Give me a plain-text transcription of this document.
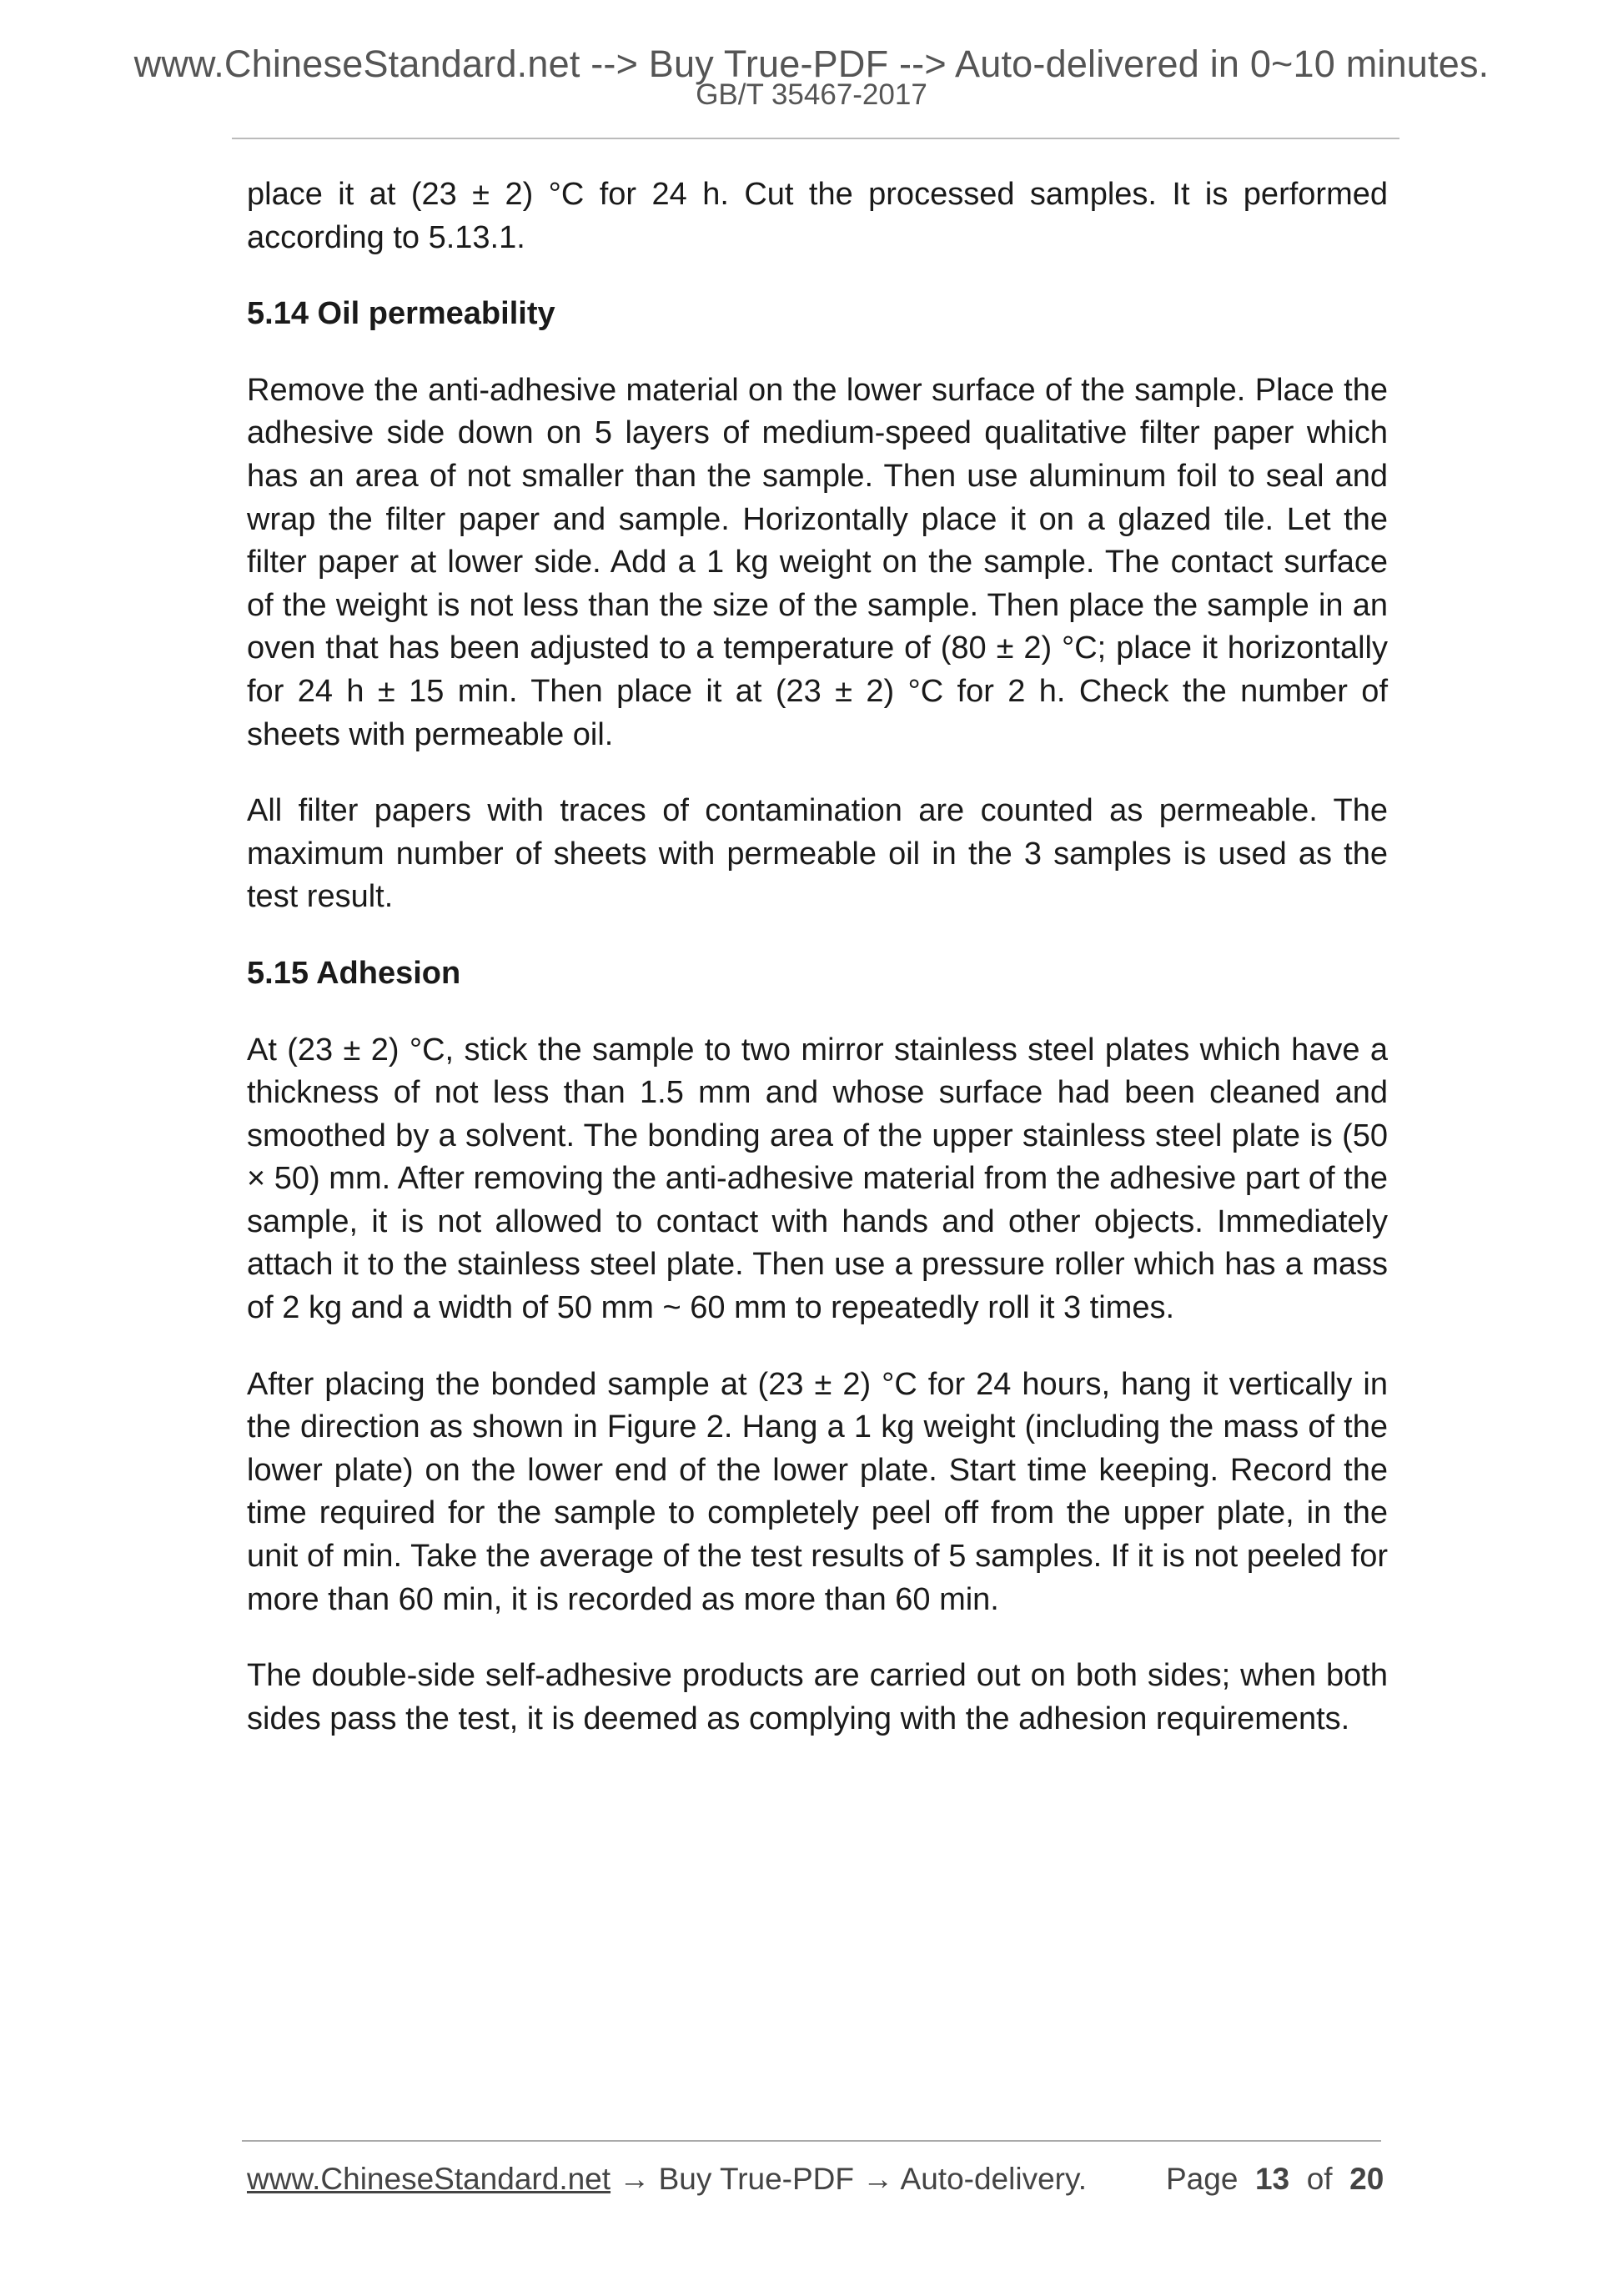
www.ChineseStandard.net --> Buy True-PDF --> Auto-delivered in 0~10 minutes.
GB/T 35467-2017

place it at (23 ± 2) °C for 24 h. Cut the processed samples. It is performed according to 5.13.1.

5.14 Oil permeability

Remove the anti-adhesive material on the lower surface of the sample. Place the adhesive side down on 5 layers of medium-speed qualitative filter paper which has an area of not smaller than the sample. Then use aluminum foil to seal and wrap the filter paper and sample. Horizontally place it on a glazed tile. Let the filter paper at lower side. Add a 1 kg weight on the sample. The contact surface of the weight is not less than the size of the sample. Then place the sample in an oven that has been adjusted to a temperature of (80 ± 2) °C; place it horizontally for 24 h ± 15 min. Then place it at (23 ± 2) °C for 2 h. Check the number of sheets with permeable oil.

All filter papers with traces of contamination are counted as permeable. The maximum number of sheets with permeable oil in the 3 samples is used as the test result.

5.15 Adhesion

At (23 ± 2) °C, stick the sample to two mirror stainless steel plates which have a thickness of not less than 1.5 mm and whose surface had been cleaned and smoothed by a solvent. The bonding area of the upper stainless steel plate is (50 × 50) mm. After removing the anti-adhesive material from the adhesive part of the sample, it is not allowed to contact with hands and other objects. Immediately attach it to the stainless steel plate. Then use a pressure roller which has a mass of 2 kg and a width of 50 mm ~ 60 mm to repeatedly roll it 3 times.

After placing the bonded sample at (23 ± 2) °C for 24 hours, hang it vertically in the direction as shown in Figure 2. Hang a 1 kg weight (including the mass of the lower plate) on the lower end of the lower plate. Start time keeping. Record the time required for the sample to completely peel off from the upper plate, in the unit of min. Take the average of the test results of 5 samples. If it is not peeled for more than 60 min, it is recorded as more than 60 min.

The double-side self-adhesive products are carried out on both sides; when both sides pass the test, it is deemed as complying with the adhesion requirements.

www.ChineseStandard.net → Buy True-PDF → Auto-delivery.	Page 13 of 20
